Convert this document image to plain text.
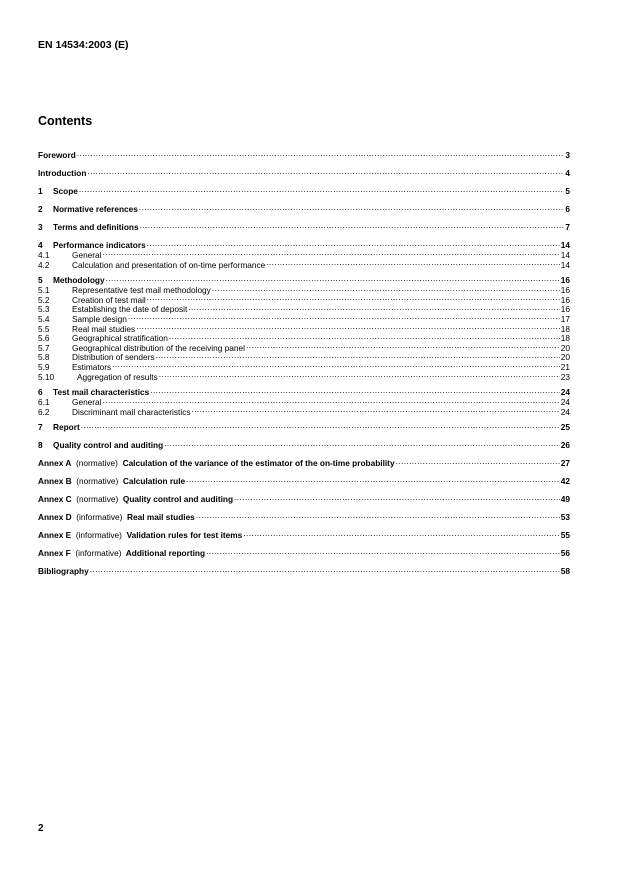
EN 14534:2003 (E)
Contents
Foreword .....	3
Introduction .....	4
1	Scope .....	5
2	Normative references .....	6
3	Terms and definitions .....	7
4	Performance indicators .....	14
4.1	General .....	14
4.2	Calculation and presentation of on-time performance .....	14
5	Methodology .....	16
5.1	Representative test mail methodology .....	16
5.2	Creation of test mail .....	16
5.3	Establishing the date of deposit .....	16
5.4	Sample design .....	17
5.5	Real mail studies .....	18
5.6	Geographical stratification .....	18
5.7	Geographical distribution of the receiving panel .....	20
5.8	Distribution of senders .....	20
5.9	Estimators .....	21
5.10	Aggregation of results .....	23
6	Test mail characteristics .....	24
6.1	General .....	24
6.2	Discriminant mail characteristics .....	24
7	Report .....	25
8	Quality control and auditing .....	26
Annex A (normative) Calculation of the variance of the estimator of the on-time probability .....	27
Annex B (normative) Calculation rule .....	42
Annex C (normative) Quality control and auditing .....	49
Annex D (informative) Real mail studies .....	53
Annex E (informative) Validation rules for test items .....	55
Annex F (informative) Additional reporting .....	56
Bibliography .....	58
2
